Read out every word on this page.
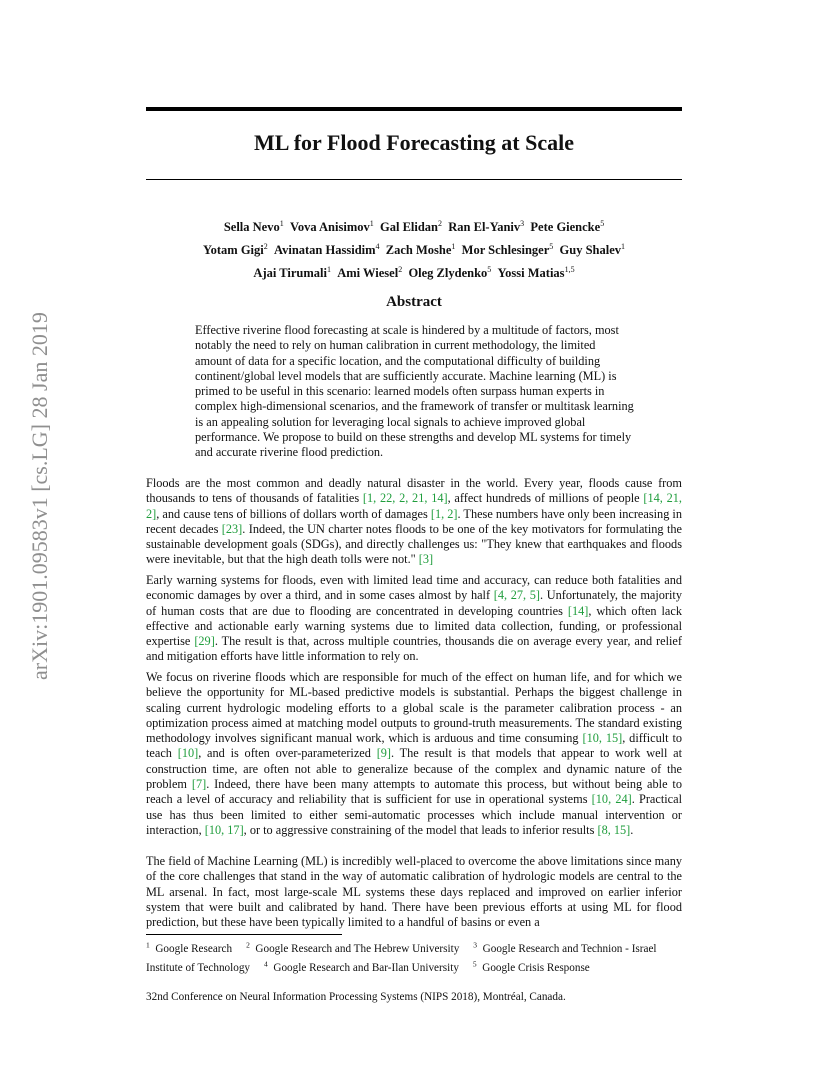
arXiv:1901.09583v1 [cs.LG] 28 Jan 2019
ML for Flood Forecasting at Scale
Sella Nevo$^1$ Vova Anisimov$^1$ Gal Elidan$^2$ Ran El-Yaniv$^3$ Pete Giencke$^5$
Yotam Gigi$^2$ Avinatan Hassidim$^4$ Zach Moshe$^1$ Mor Schlesinger$^5$ Guy Shalev$^1$
Ajai Tirumali$^1$ Ami Wiesel$^2$ Oleg Zlydenko$^5$ Yossi Matias$^{1,5}$
Abstract
Effective riverine flood forecasting at scale is hindered by a multitude of factors, most notably the need to rely on human calibration in current methodology, the limited amount of data for a specific location, and the computational difficulty of building continent/global level models that are sufficiently accurate. Machine learning (ML) is primed to be useful in this scenario: learned models often surpass human experts in complex high-dimensional scenarios, and the framework of transfer or multitask learning is an appealing solution for leveraging local signals to achieve improved global performance. We propose to build on these strengths and develop ML systems for timely and accurate riverine flood prediction.
Floods are the most common and deadly natural disaster in the world. Every year, floods cause from thousands to tens of thousands of fatalities [1, 22, 2, 21, 14], affect hundreds of millions of people [14, 21, 2], and cause tens of billions of dollars worth of damages [1, 2]. These numbers have only been increasing in recent decades [23]. Indeed, the UN charter notes floods to be one of the key motivators for formulating the sustainable development goals (SDGs), and directly challenges us: "They knew that earthquakes and floods were inevitable, but that the high death tolls were not." [3]
Early warning systems for floods, even with limited lead time and accuracy, can reduce both fatalities and economic damages by over a third, and in some cases almost by half [4, 27, 5]. Unfortunately, the majority of human costs that are due to flooding are concentrated in developing countries [14], which often lack effective and actionable early warning systems due to limited data collection, funding, or professional expertise [29]. The result is that, across multiple countries, thousands die on average every year, and relief and mitigation efforts have little information to rely on.
We focus on riverine floods which are responsible for much of the effect on human life, and for which we believe the opportunity for ML-based predictive models is substantial. Perhaps the biggest challenge in scaling current hydrologic modeling efforts to a global scale is the parameter calibration process - an optimization process aimed at matching model outputs to ground-truth measurements. The standard existing methodology involves significant manual work, which is arduous and time consuming [10, 15], difficult to teach [10], and is often over-parameterized [9]. The result is that models that appear to work well at construction time, are often not able to generalize because of the complex and dynamic nature of the problem [7]. Indeed, there have been many attempts to automate this process, but without being able to reach a level of accuracy and reliability that is sufficient for use in operational systems [10, 24]. Practical use has thus been limited to either semi-automatic processes which include manual intervention or interaction, [10, 17], or to aggressive constraining of the model that leads to inferior results [8, 15].
The field of Machine Learning (ML) is incredibly well-placed to overcome the above limitations since many of the core challenges that stand in the way of automatic calibration of hydrologic models are central to the ML arsenal. In fact, most large-scale ML systems these days replaced and improved on earlier inferior system that were built and calibrated by hand. There have been previous efforts at using ML for flood prediction, but these have been typically limited to a handful of basins or even a
$^1$  Google Research $^2$  Google Research and The Hebrew University $^3$  Google Research and Technion - Israel Institute of Technology $^4$  Google Research and Bar-Ilan University $^5$  Google Crisis Response
32nd Conference on Neural Information Processing Systems (NIPS 2018), Montréal, Canada.
